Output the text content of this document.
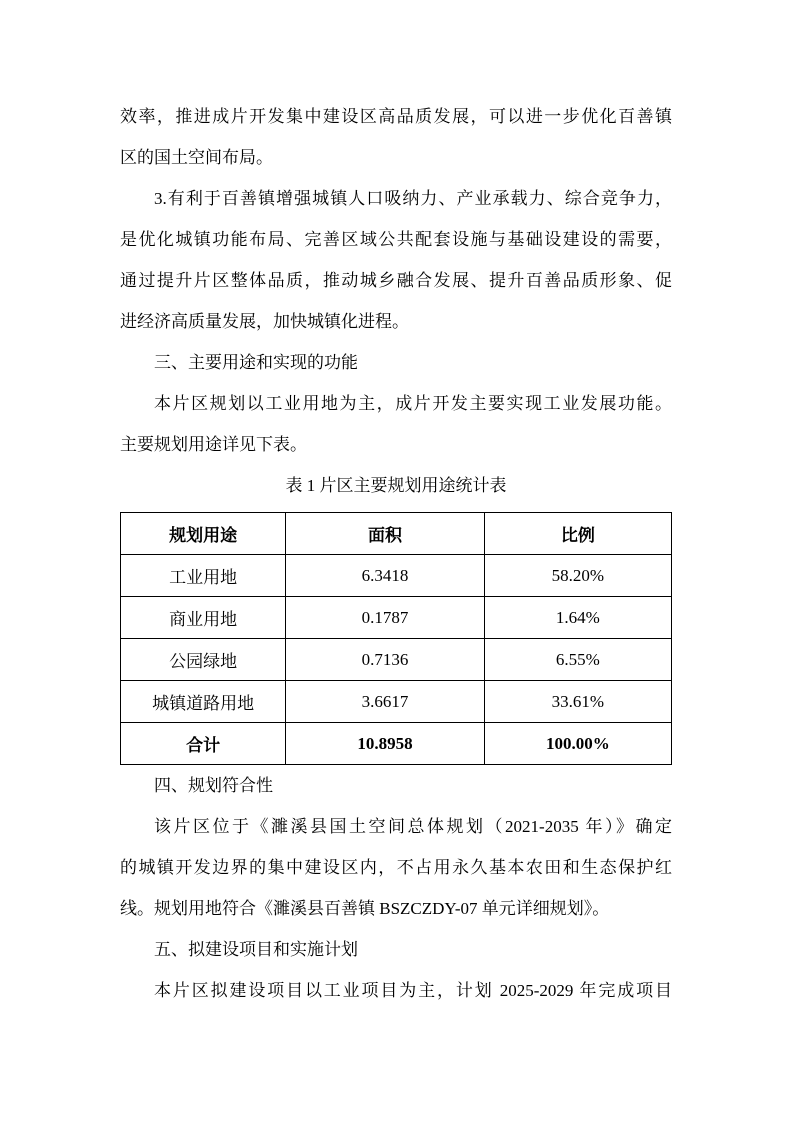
效率，推进成片开发集中建设区高品质发展，可以进一步优化百善镇
区的国土空间布局。
3.有利于百善镇增强城镇人口吸纳力、产业承载力、综合竞争力，
是优化城镇功能布局、完善区域公共配套设施与基础设建设的需要，
通过提升片区整体品质，推动城乡融合发展、提升百善品质形象、促
进经济高质量发展，加快城镇化进程。
三、主要用途和实现的功能
本片区规划以工业用地为主，成片开发主要实现工业发展功能。
主要规划用途详见下表。
表 1 片区主要规划用途统计表
规划用途	面积	比例
工业用地	6.3418	58.20%
商业用地	0.1787	1.64%
公园绿地	0.7136	6.55%
城镇道路用地	3.6617	33.61%
合计	10.8958	100.00%
四、规划符合性
该片区位于《濉溪县国土空间总体规划（2021-2035 年）》确定
的城镇开发边界的集中建设区内，不占用永久基本农田和生态保护红
线。规划用地符合《濉溪县百善镇 BSZCZDY-07 单元详细规划》。
五、拟建设项目和实施计划
本片区拟建设项目以工业项目为主，计划 2025-2029 年完成项目
